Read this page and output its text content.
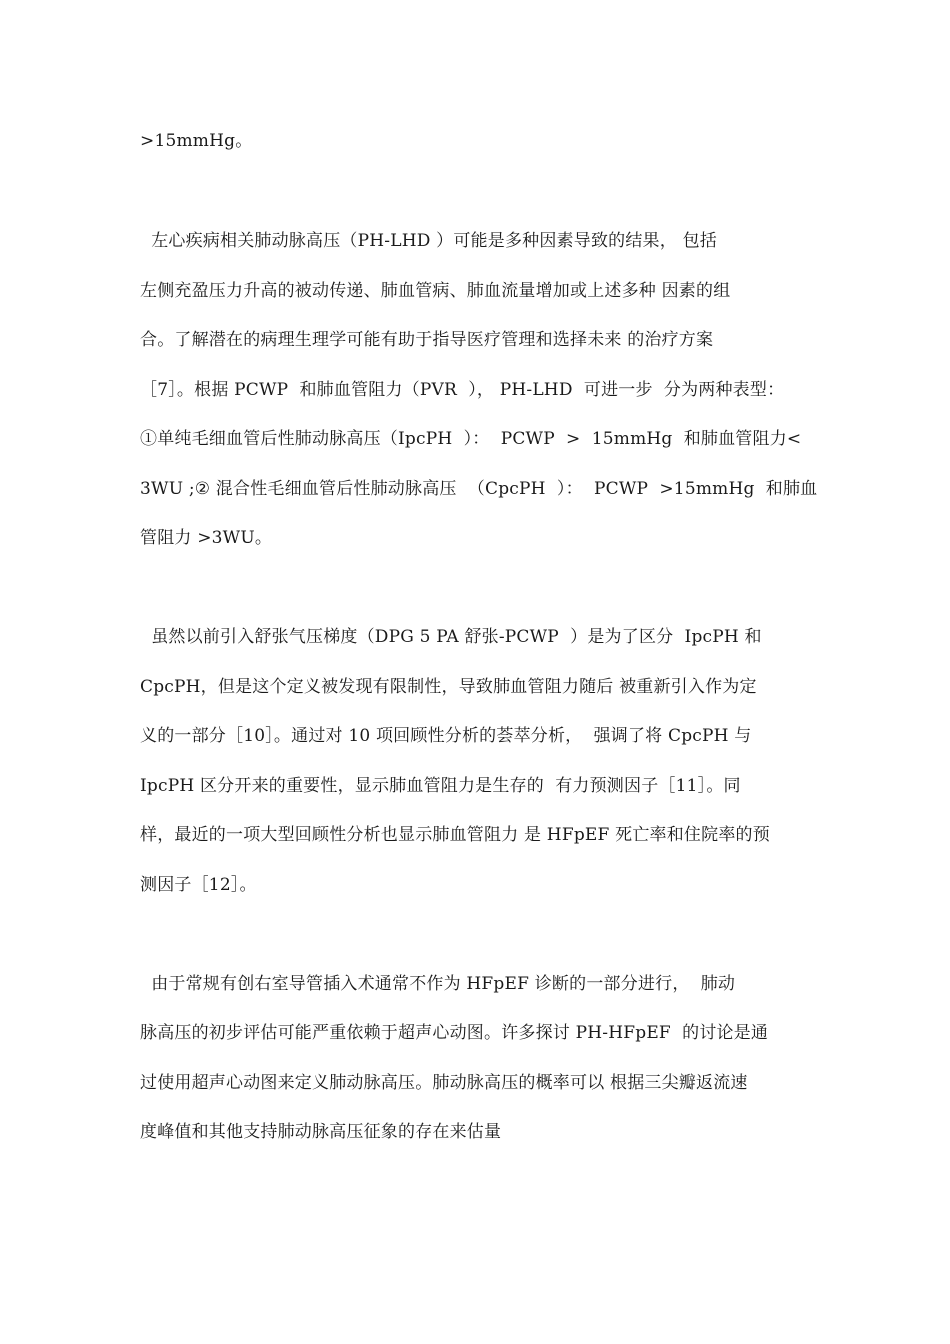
>15mmHg。
左心疾病相关肺动脉高压（PH-LHD ）可能是多种因素导致的结果， 包括
左侧充盈压力升高的被动传递、肺血管病、肺血流量增加或上述多种 因素的组
合。了解潜在的病理生理学可能有助于指导医疗管理和选择未来 的治疗方案
［7］。根据 PCWP  和肺血管阻力（PVR  ）， PH-LHD  可进一步  分为两种表型：
①单纯毛细血管后性肺动脉高压（IpcPH  ）：  PCWP  >  15mmHg  和肺血管阻力<
3WU ;② 混合性毛细血管后性肺动脉高压  （CpcPH  ）：  PCWP  >15mmHg  和肺血
管阻力 >3WU。
虽然以前引入舒张气压梯度（DPG 5 PA 舒张-PCWP  ）是为了区分  IpcPH 和
CpcPH，但是这个定义被发现有限制性，导致肺血管阻力随后 被重新引入作为定
义的一部分［10］。通过对 10 项回顾性分析的荟萃分析，  强调了将 CpcPH 与
IpcPH 区分开来的重要性，显示肺血管阻力是生存的  有力预测因子［11］。同
样，最近的一项大型回顾性分析也显示肺血管阻力 是 HFpEF 死亡率和住院率的预
测因子［12］。
由于常规有创右室导管插入术通常不作为 HFpEF 诊断的一部分进行，  肺动
脉高压的初步评估可能严重依赖于超声心动图。许多探讨 PH-HFpEF  的讨论是通
过使用超声心动图来定义肺动脉高压。肺动脉高压的概率可以 根据三尖瓣返流速
度峰值和其他支持肺动脉高压征象的存在来估量
